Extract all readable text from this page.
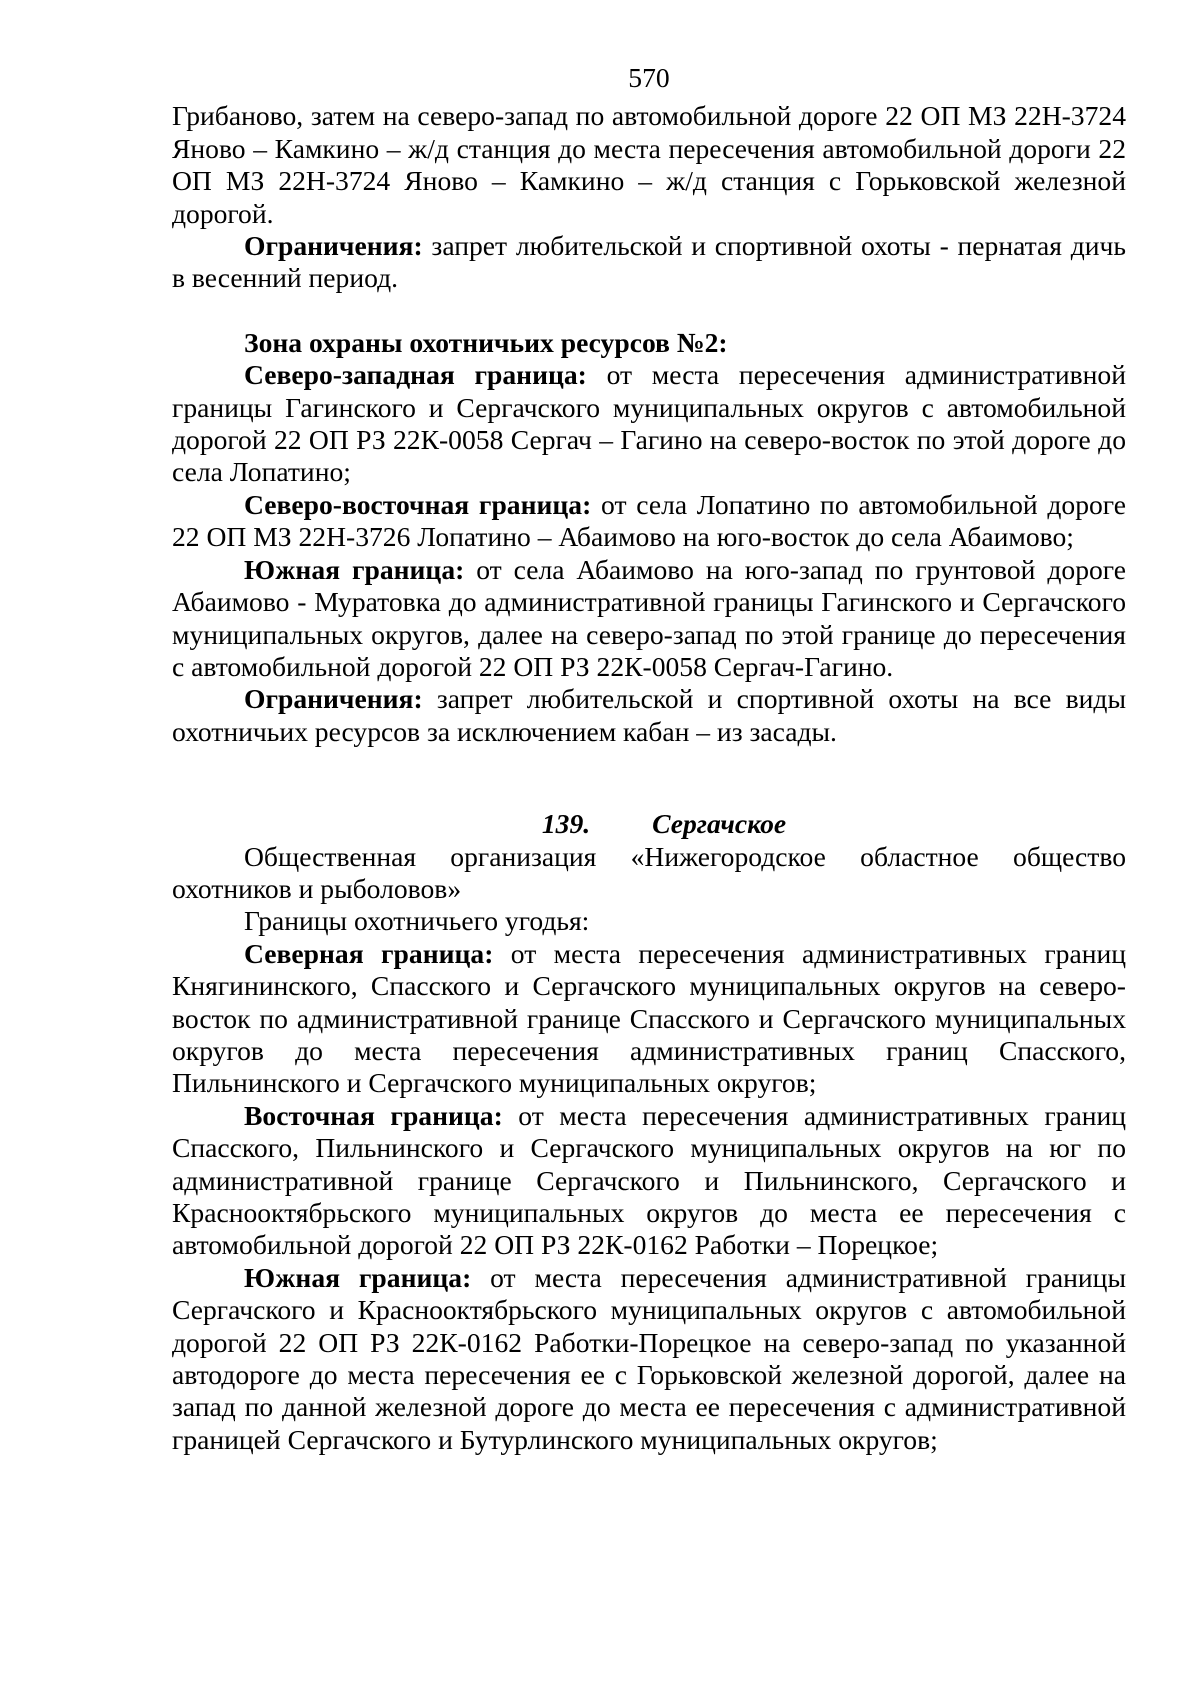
570

Грибаново, затем на северо-запад по автомобильной дороге 22 ОП МЗ 22Н-3724 Яново – Камкино – ж/д станция до места пересечения автомобильной дороги 22 ОП МЗ 22Н-3724 Яново – Камкино – ж/д станция с Горьковской железной дорогой.

Ограничения: запрет любительской и спортивной охоты - пернатая дичь в весенний период.

Зона охраны охотничьих ресурсов №2:

Северо-западная граница: от места пересечения административной границы Гагинского и Сергачского муниципальных округов с автомобильной дорогой 22 ОП РЗ 22К-0058 Сергач – Гагино на северо-восток по этой дороге до села Лопатино;

Северо-восточная граница: от села Лопатино по автомобильной дороге 22 ОП МЗ 22Н-3726 Лопатино – Абаимово на юго-восток до села Абаимово;

Южная граница: от села Абаимово на юго-запад по грунтовой дороге Абаимово - Муратовка до административной границы Гагинского и Сергачского муниципальных округов, далее на северо-запад по этой границе до пересечения с автомобильной дорогой 22 ОП РЗ 22К-0058 Сергач-Гагино.

Ограничения: запрет любительской и спортивной охоты на все виды охотничьих ресурсов за исключением кабан – из засады.

139. Сергачское

Общественная организация «Нижегородское областное общество охотников и рыболовов»

Границы охотничьего угодья:

Северная граница: от места пересечения административных границ Княгининского, Спасского и Сергачского муниципальных округов на северо-восток по административной границе Спасского и Сергачского муниципальных округов до места пересечения административных границ Спасского, Пильнинского и Сергачского муниципальных округов;

Восточная граница: от места пересечения административных границ Спасского, Пильнинского и Сергачского муниципальных округов на юг по административной границе Сергачского и Пильнинского, Сергачского и Краснооктябрьского муниципальных округов до места ее пересечения с автомобильной дорогой 22 ОП РЗ 22К-0162 Работки – Порецкое;

Южная граница: от места пересечения административной границы Сергачского и Краснооктябрьского муниципальных округов с автомобильной дорогой 22 ОП РЗ 22К-0162 Работки-Порецкое на северо-запад по указанной автодороге до места пересечения ее с Горьковской железной дорогой, далее на запад по данной железной дороге до места ее пересечения с административной границей Сергачского и Бутурлинского муниципальных округов;
